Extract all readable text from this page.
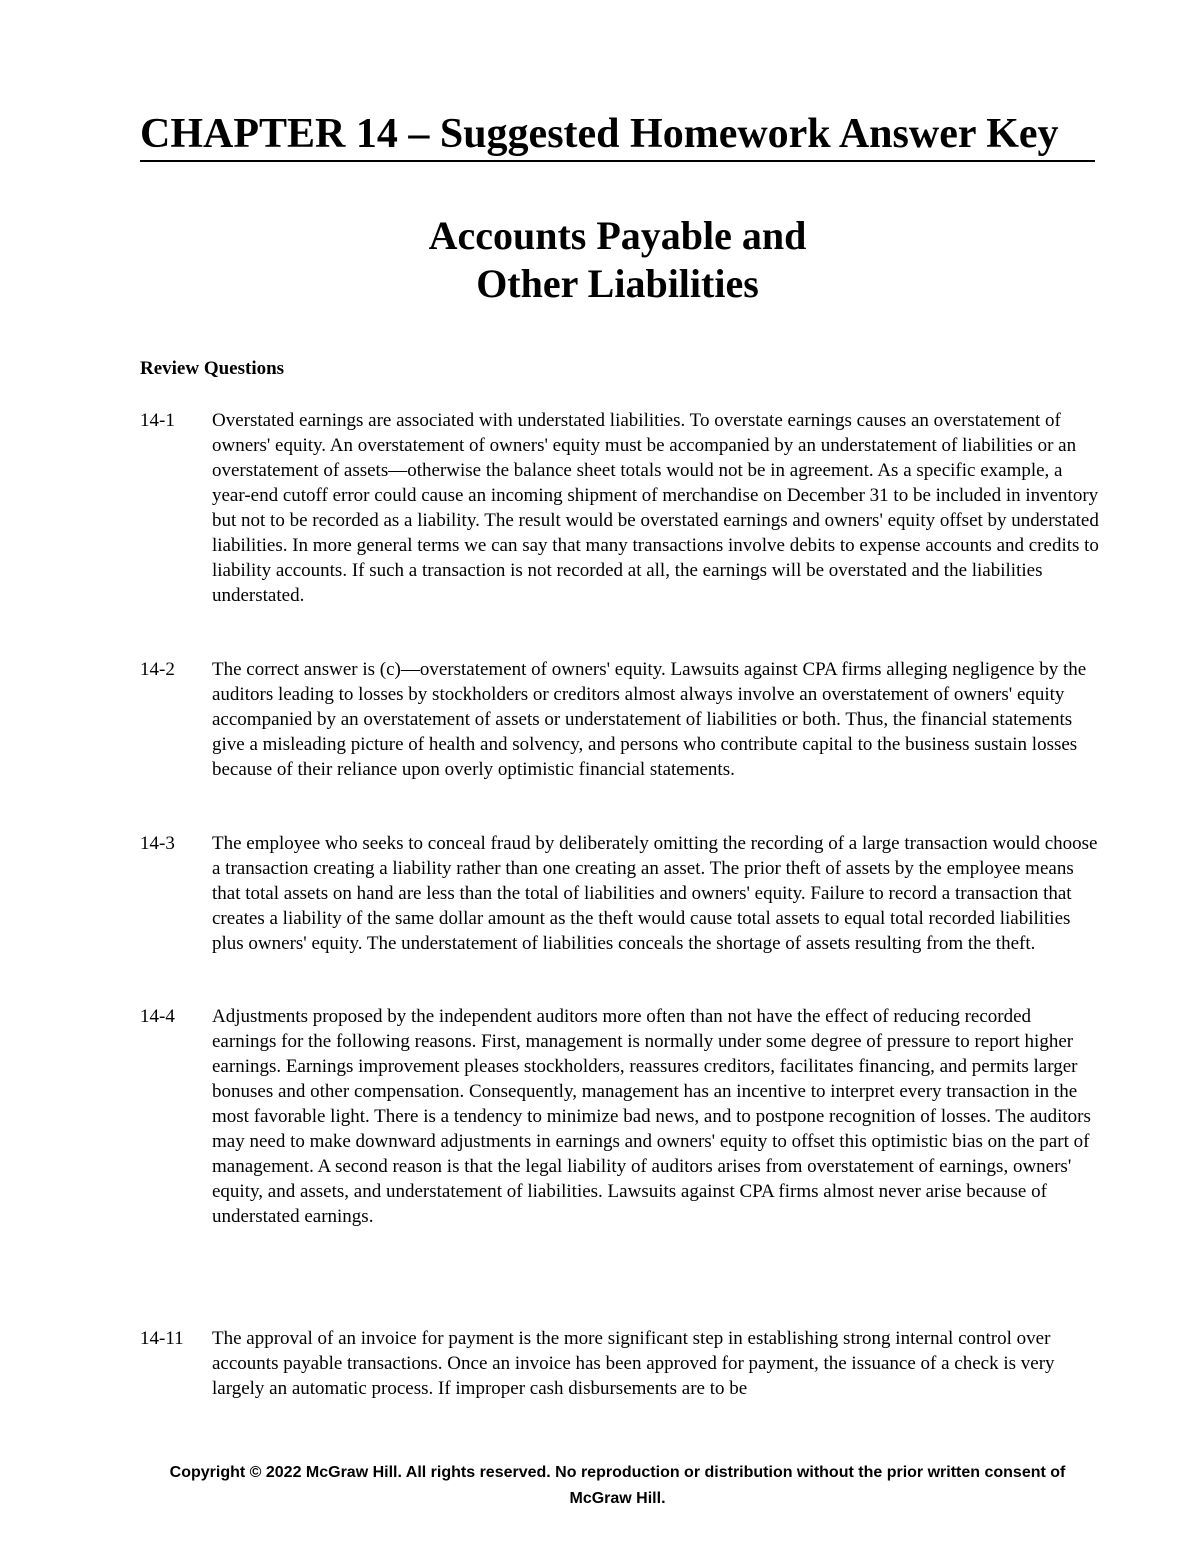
CHAPTER 14 – Suggested Homework Answer Key
Accounts Payable and
Other Liabilities
Review Questions
14-1	Overstated earnings are associated with understated liabilities. To overstate earnings causes an overstatement of owners' equity. An overstatement of owners' equity must be accompanied by an understatement of liabilities or an overstatement of assets—otherwise the balance sheet totals would not be in agreement. As a specific example, a year-end cutoff error could cause an incoming shipment of merchandise on December 31 to be included in inventory but not to be recorded as a liability. The result would be overstated earnings and owners' equity offset by understated liabilities. In more general terms we can say that many transactions involve debits to expense accounts and credits to liability accounts. If such a transaction is not recorded at all, the earnings will be overstated and the liabilities understated.
14-2	The correct answer is (c)—overstatement of owners' equity. Lawsuits against CPA firms alleging negligence by the auditors leading to losses by stockholders or creditors almost always involve an overstatement of owners' equity accompanied by an overstatement of assets or understatement of liabilities or both. Thus, the financial statements give a misleading picture of health and solvency, and persons who contribute capital to the business sustain losses because of their reliance upon overly optimistic financial statements.
14-3	The employee who seeks to conceal fraud by deliberately omitting the recording of a large transaction would choose a transaction creating a liability rather than one creating an asset. The prior theft of assets by the employee means that total assets on hand are less than the total of liabilities and owners' equity. Failure to record a transaction that creates a liability of the same dollar amount as the theft would cause total assets to equal total recorded liabilities plus owners' equity. The understatement of liabilities conceals the shortage of assets resulting from the theft.
14-4	Adjustments proposed by the independent auditors more often than not have the effect of reducing recorded earnings for the following reasons. First, management is normally under some degree of pressure to report higher earnings. Earnings improvement pleases stockholders, reassures creditors, facilitates financing, and permits larger bonuses and other compensation. Consequently, management has an incentive to interpret every transaction in the most favorable light. There is a tendency to minimize bad news, and to postpone recognition of losses. The auditors may need to make downward adjustments in earnings and owners' equity to offset this optimistic bias on the part of management. A second reason is that the legal liability of auditors arises from overstatement of earnings, owners' equity, and assets, and understatement of liabilities. Lawsuits against CPA firms almost never arise because of understated earnings.
14-11	The approval of an invoice for payment is the more significant step in establishing strong internal control over accounts payable transactions. Once an invoice has been approved for payment, the issuance of a check is very largely an automatic process. If improper cash disbursements are to be
Copyright © 2022 McGraw Hill. All rights reserved. No reproduction or distribution without the prior written consent of
McGraw Hill.
